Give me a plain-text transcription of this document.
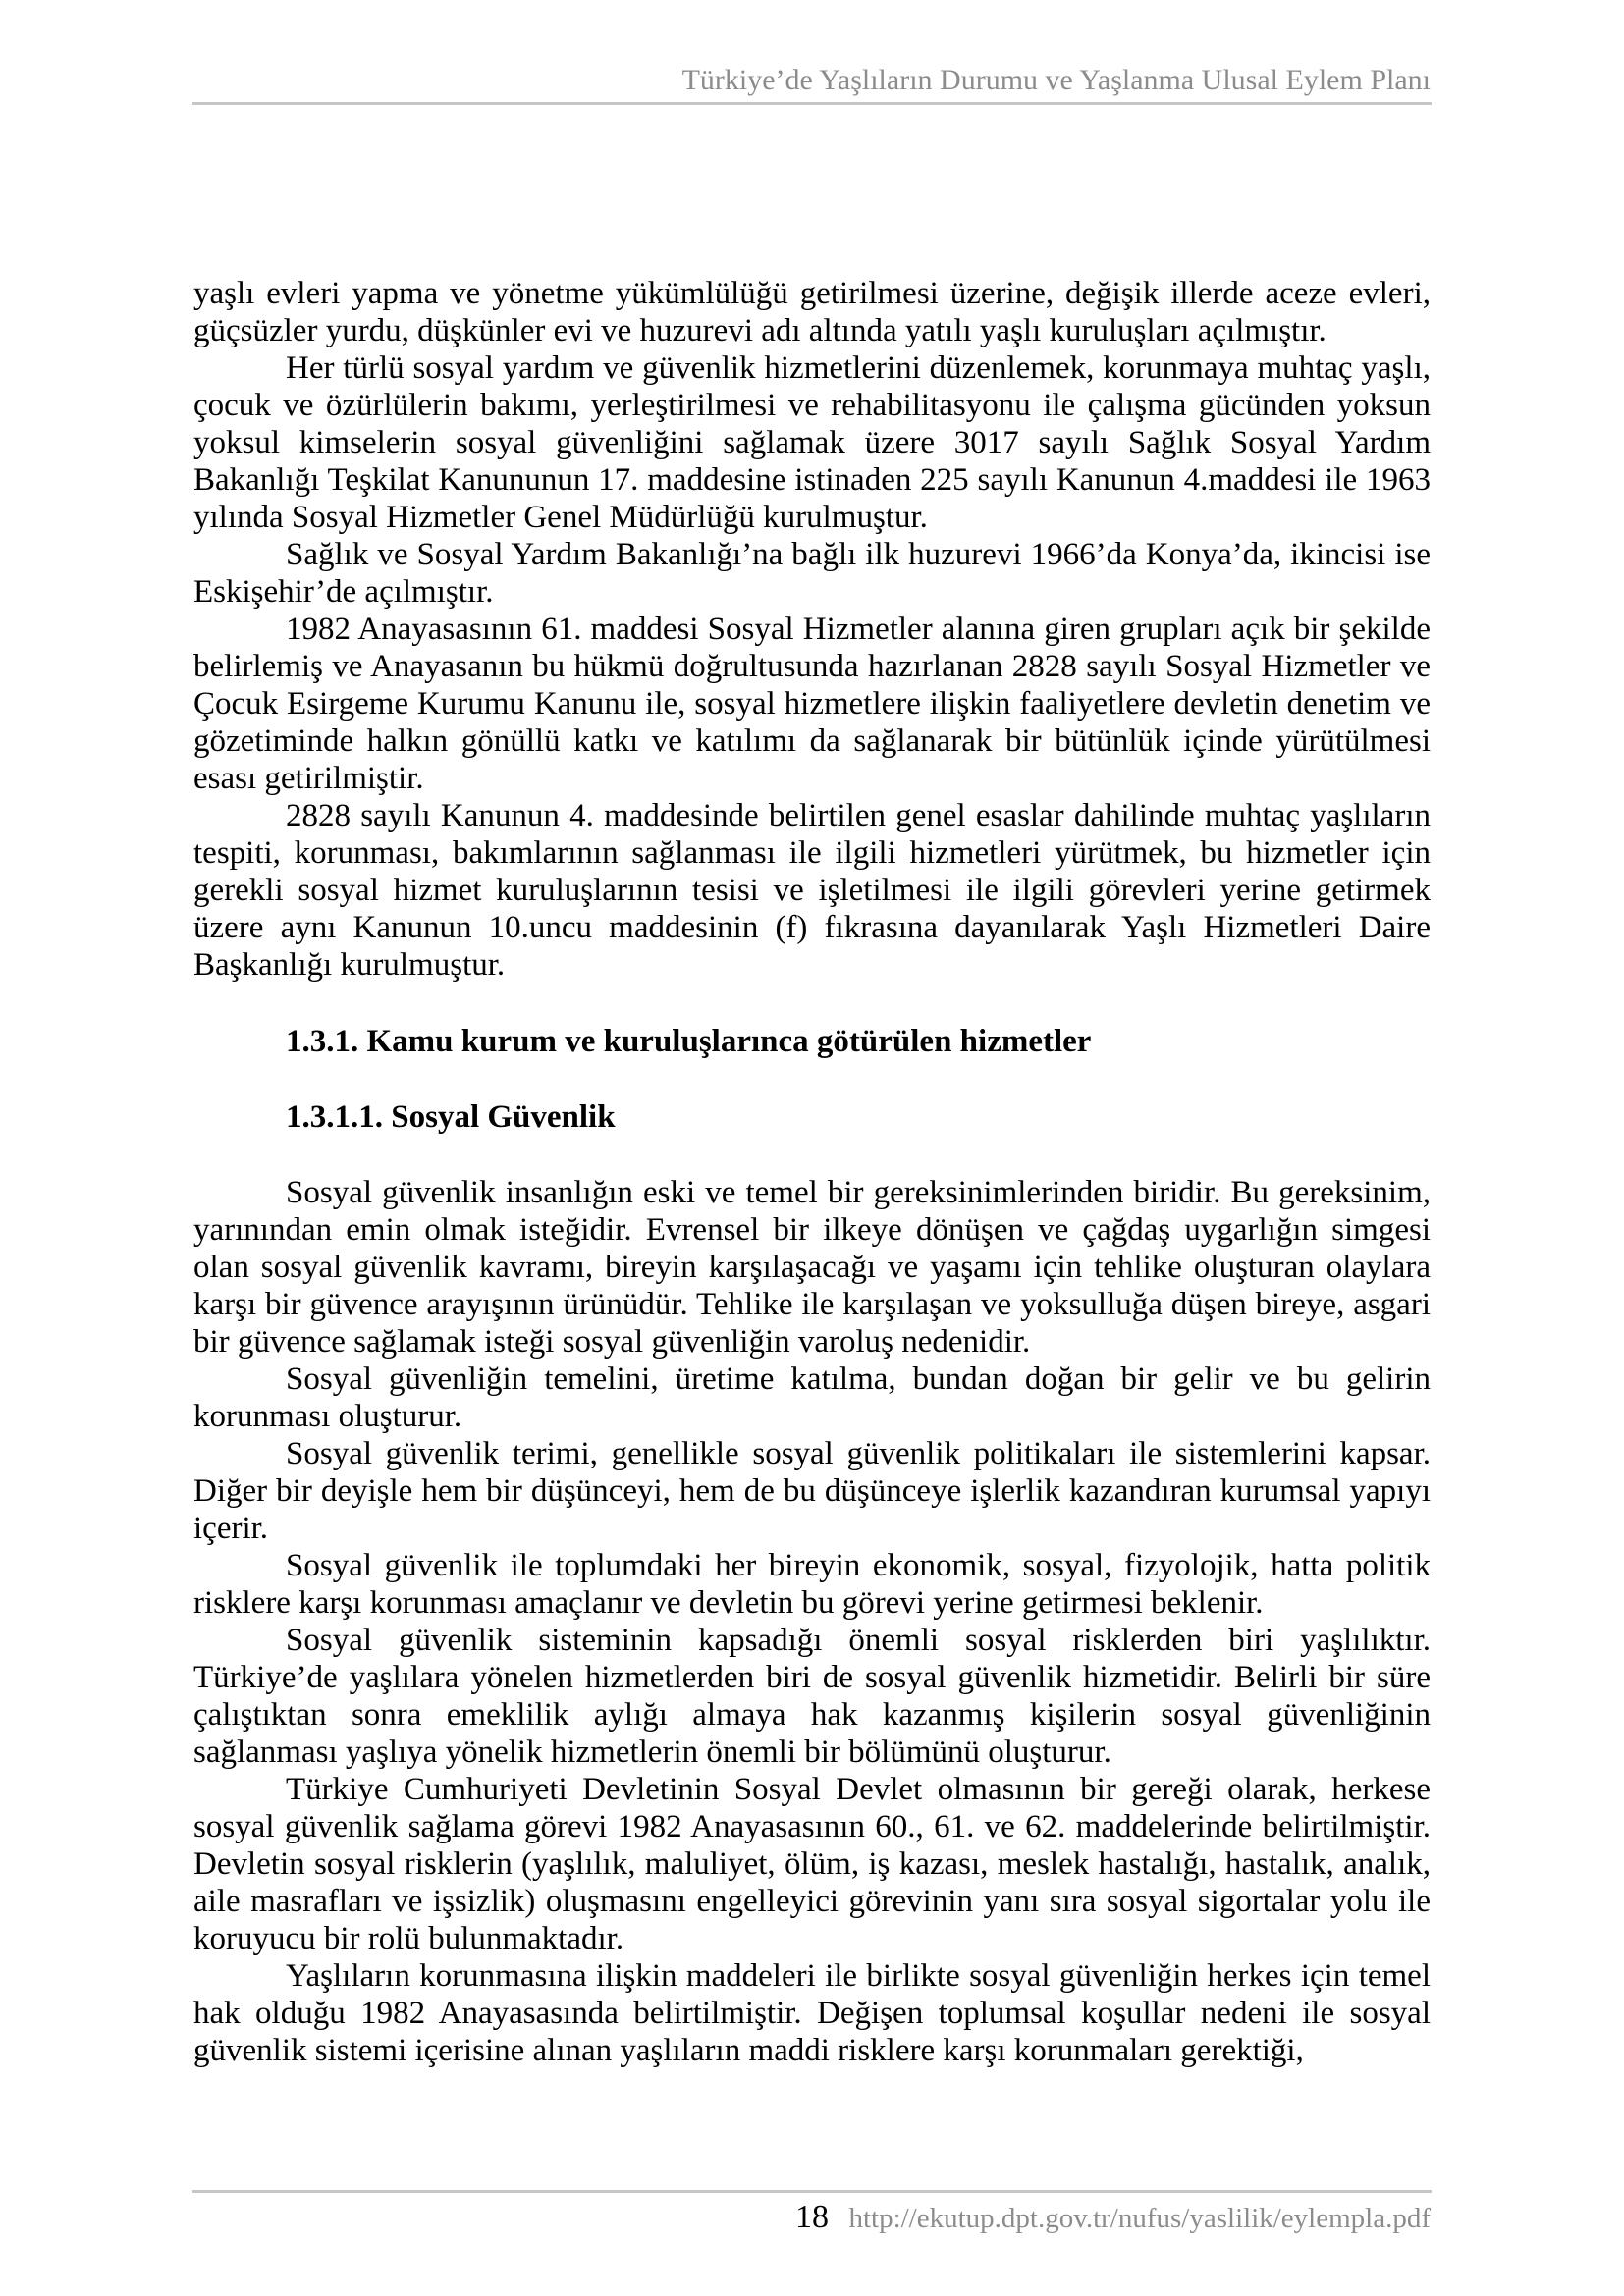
Türkiye’de Yaşlıların Durumu ve Yaşlanma Ulusal Eylem Planı

yaşlı evleri yapma ve yönetme yükümlülüğü getirilmesi üzerine, değişik illerde aceze evleri, güçsüzler yurdu, düşkünler evi ve huzurevi adı altında yatılı yaşlı kuruluşları açılmıştır.

Her türlü sosyal yardım ve güvenlik hizmetlerini düzenlemek, korunmaya muhtaç yaşlı, çocuk ve özürlülerin bakımı, yerleştirilmesi ve rehabilitasyonu ile çalışma gücünden yoksun yoksul kimselerin sosyal güvenliğini sağlamak üzere 3017 sayılı Sağlık Sosyal Yardım Bakanlığı Teşkilat Kanununun 17. maddesine istinaden 225 sayılı Kanunun 4.maddesi ile 1963 yılında Sosyal Hizmetler Genel Müdürlüğü kurulmuştur.

Sağlık ve Sosyal Yardım Bakanlığı’na bağlı ilk huzurevi 1966’da Konya’da, ikincisi ise Eskişehir’de açılmıştır.

1982 Anayasasının 61. maddesi Sosyal Hizmetler alanına giren grupları açık bir şekilde belirlemiş ve Anayasanın bu hükmü doğrultusunda hazırlanan 2828 sayılı Sosyal Hizmetler ve Çocuk Esirgeme Kurumu Kanunu ile, sosyal hizmetlere ilişkin faaliyetlere devletin denetim ve gözetiminde halkın gönüllü katkı ve katılımı da sağlanarak bir bütünlük içinde yürütülmesi esası getirilmiştir.

2828 sayılı Kanunun 4. maddesinde belirtilen genel esaslar dahilinde muhtaç yaşlıların tespiti, korunması, bakımlarının sağlanması ile ilgili hizmetleri yürütmek, bu hizmetler için gerekli sosyal hizmet kuruluşlarının tesisi ve işletilmesi ile ilgili görevleri yerine getirmek üzere aynı Kanunun 10.uncu maddesinin (f) fıkrasına dayanılarak Yaşlı Hizmetleri Daire Başkanlığı kurulmuştur.

1.3.1. Kamu kurum ve kuruluşlarınca götürülen hizmetler
1.3.1.1. Sosyal Güvenlik

Sosyal güvenlik insanlığın eski ve temel bir gereksinimlerinden biridir. Bu gereksinim, yarınından emin olmak isteğidir. Evrensel bir ilkeye dönüşen ve çağdaş uygarlığın simgesi olan sosyal güvenlik kavramı, bireyin karşılaşacağı ve yaşamı için tehlike oluşturan olaylara karşı bir güvence arayışının ürünüdür. Tehlike ile karşılaşan ve yoksulluğa düşen bireye, asgari bir güvence sağlamak isteği sosyal güvenliğin varoluş nedenidir.

Sosyal güvenliğin temelini, üretime katılma, bundan doğan bir gelir ve bu gelirin korunması oluşturur.

Sosyal güvenlik terimi, genellikle sosyal güvenlik politikaları ile sistemlerini kapsar. Diğer bir deyişle hem bir düşünceyi, hem de bu düşünceye işlerlik kazandıran kurumsal yapıyı içerir.

Sosyal güvenlik ile toplumdaki her bireyin ekonomik, sosyal, fizyolojik, hatta politik risklere karşı korunması amaçlanır ve devletin bu görevi yerine getirmesi beklenir.

Sosyal güvenlik sisteminin kapsadığı önemli sosyal risklerden biri yaşlılıktır. Türkiye’de yaşlılara yönelen hizmetlerden biri de sosyal güvenlik hizmetidir. Belirli bir süre çalıştıktan sonra emeklilik aylığı almaya hak kazanmış kişilerin sosyal güvenliğinin sağlanması yaşlıya yönelik hizmetlerin önemli bir bölümünü oluşturur.

Türkiye Cumhuriyeti Devletinin Sosyal Devlet olmasının bir gereği olarak, herkese sosyal güvenlik sağlama görevi 1982 Anayasasının 60., 61. ve 62. maddelerinde belirtilmiştir. Devletin sosyal risklerin (yaşlılık, maluliyet, ölüm, iş kazası, meslek hastalığı, hastalık, analık, aile masrafları ve işsizlik) oluşmasını engelleyici görevinin yanı sıra sosyal sigortalar yolu ile koruyucu bir rolü bulunmaktadır.

Yaşlıların korunmasına ilişkin maddeleri ile birlikte sosyal güvenliğin herkes için temel hak olduğu 1982 Anayasasında belirtilmiştir. Değişen toplumsal koşullar nedeni ile sosyal güvenlik sistemi içerisine alınan yaşlıların maddi risklere karşı korunmaları gerektiği,

18 http://ekutup.dpt.gov.tr/nufus/yaslilik/eylempla.pdf
